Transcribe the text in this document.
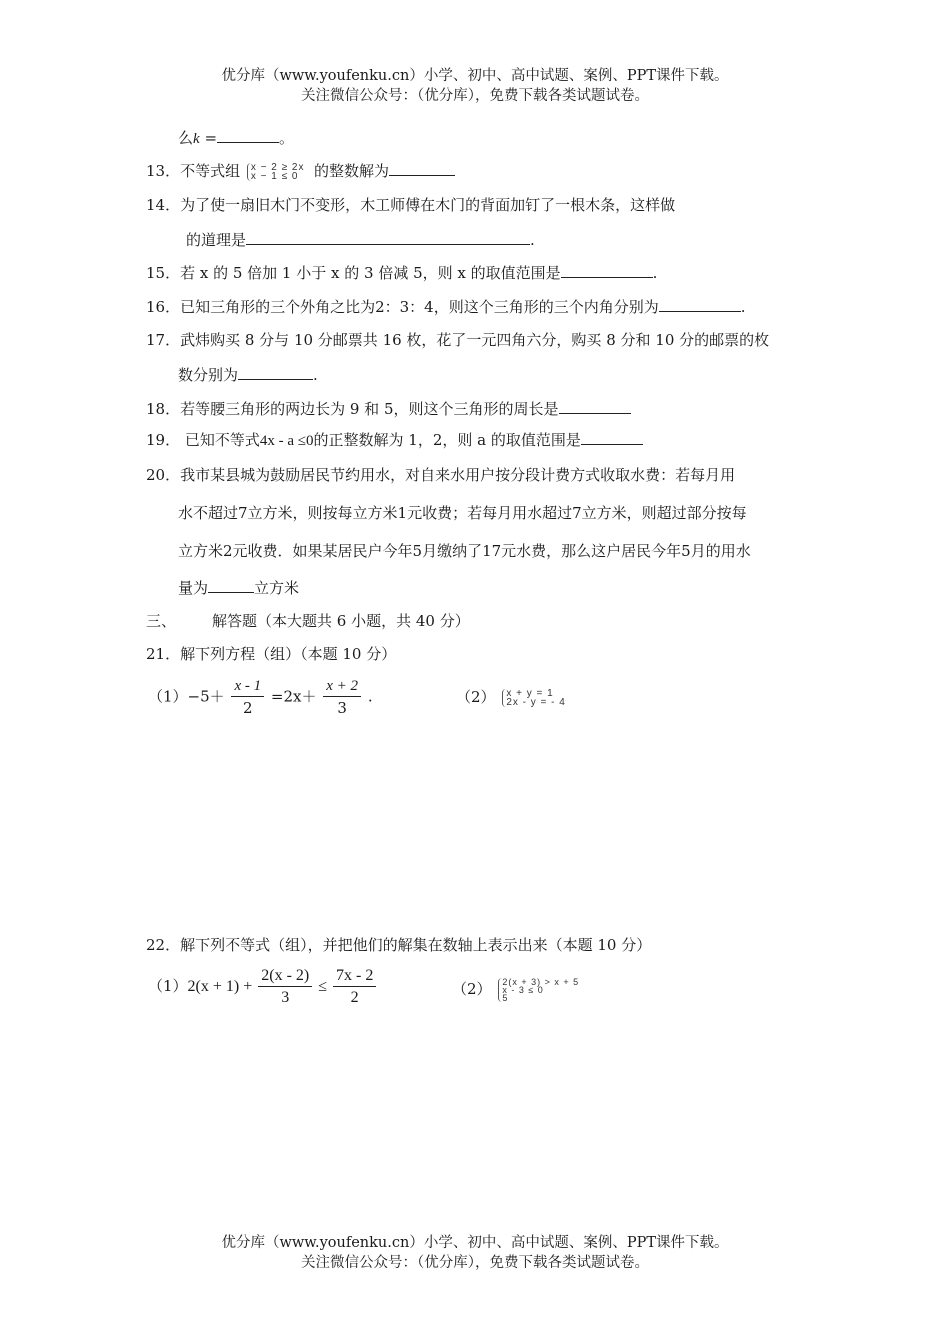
优分库（www.youfenku.cn）小学、初中、高中试题、案例、PPT课件下载。
关注微信公众号：（优分库），免费下载各类试题试卷。
么k =	。
13．不等式组 x − 2 ≥ 2x
x − 1 ≤ 0	的整数解为
14．为了使一扇旧木门不变形，木工师傅在木门的背面加钉了一根木条，这样做
的道理是	.
15．若 x 的 5 倍加 1 小于 x 的 3 倍减 5，则 x 的取值范围是	.
16．已知三角形的三个外角之比为2：3：4，则这个三角形的三个内角分别为	.
17．武炜购买 8 分与 10 分邮票共 16 枚，花了一元四角六分，购买 8 分和 10 分的邮票的枚
数分别为	.
18．若等腰三角形的两边长为 9 和 5，则这个三角形的周长是
19． 已知不等式4x - a ≤0的正整数解为 1，2，则 a 的取值范围是
20．我市某县城为鼓励居民节约用水，对自来水用户按分段计费方式收取水费：若每月用
水不超过7立方米，则按每立方米1元收费；若每月用水超过7立方米，则超过部分按每
立方米2元收费．如果某居民户今年5月缴纳了17元水费，那么这户居民今年5月的用水
量为	立方米
三、 解答题（本大题共 6 小题，共 40 分）
21．解下列方程（组）（本题 10 分）
$(1)-5+ \frac{x - 1}{2} =2x+ \frac{x + 2}{3}$ .	（2） x + y = 1
2x - y = - 4
22．解下列不等式（组），并把他们的解集在数轴上表示出来（本题 10 分）
$(1)2(x + 1) + \frac{2(x - 2)}{3} \le \frac{7x - 2}{2}$	（2） 2(x + 3) > x + 5
x - 3 ≤ 0
5
优分库（www.youfenku.cn）小学、初中、高中试题、案例、PPT课件下载。
关注微信公众号：（优分库），免费下载各类试题试卷。
